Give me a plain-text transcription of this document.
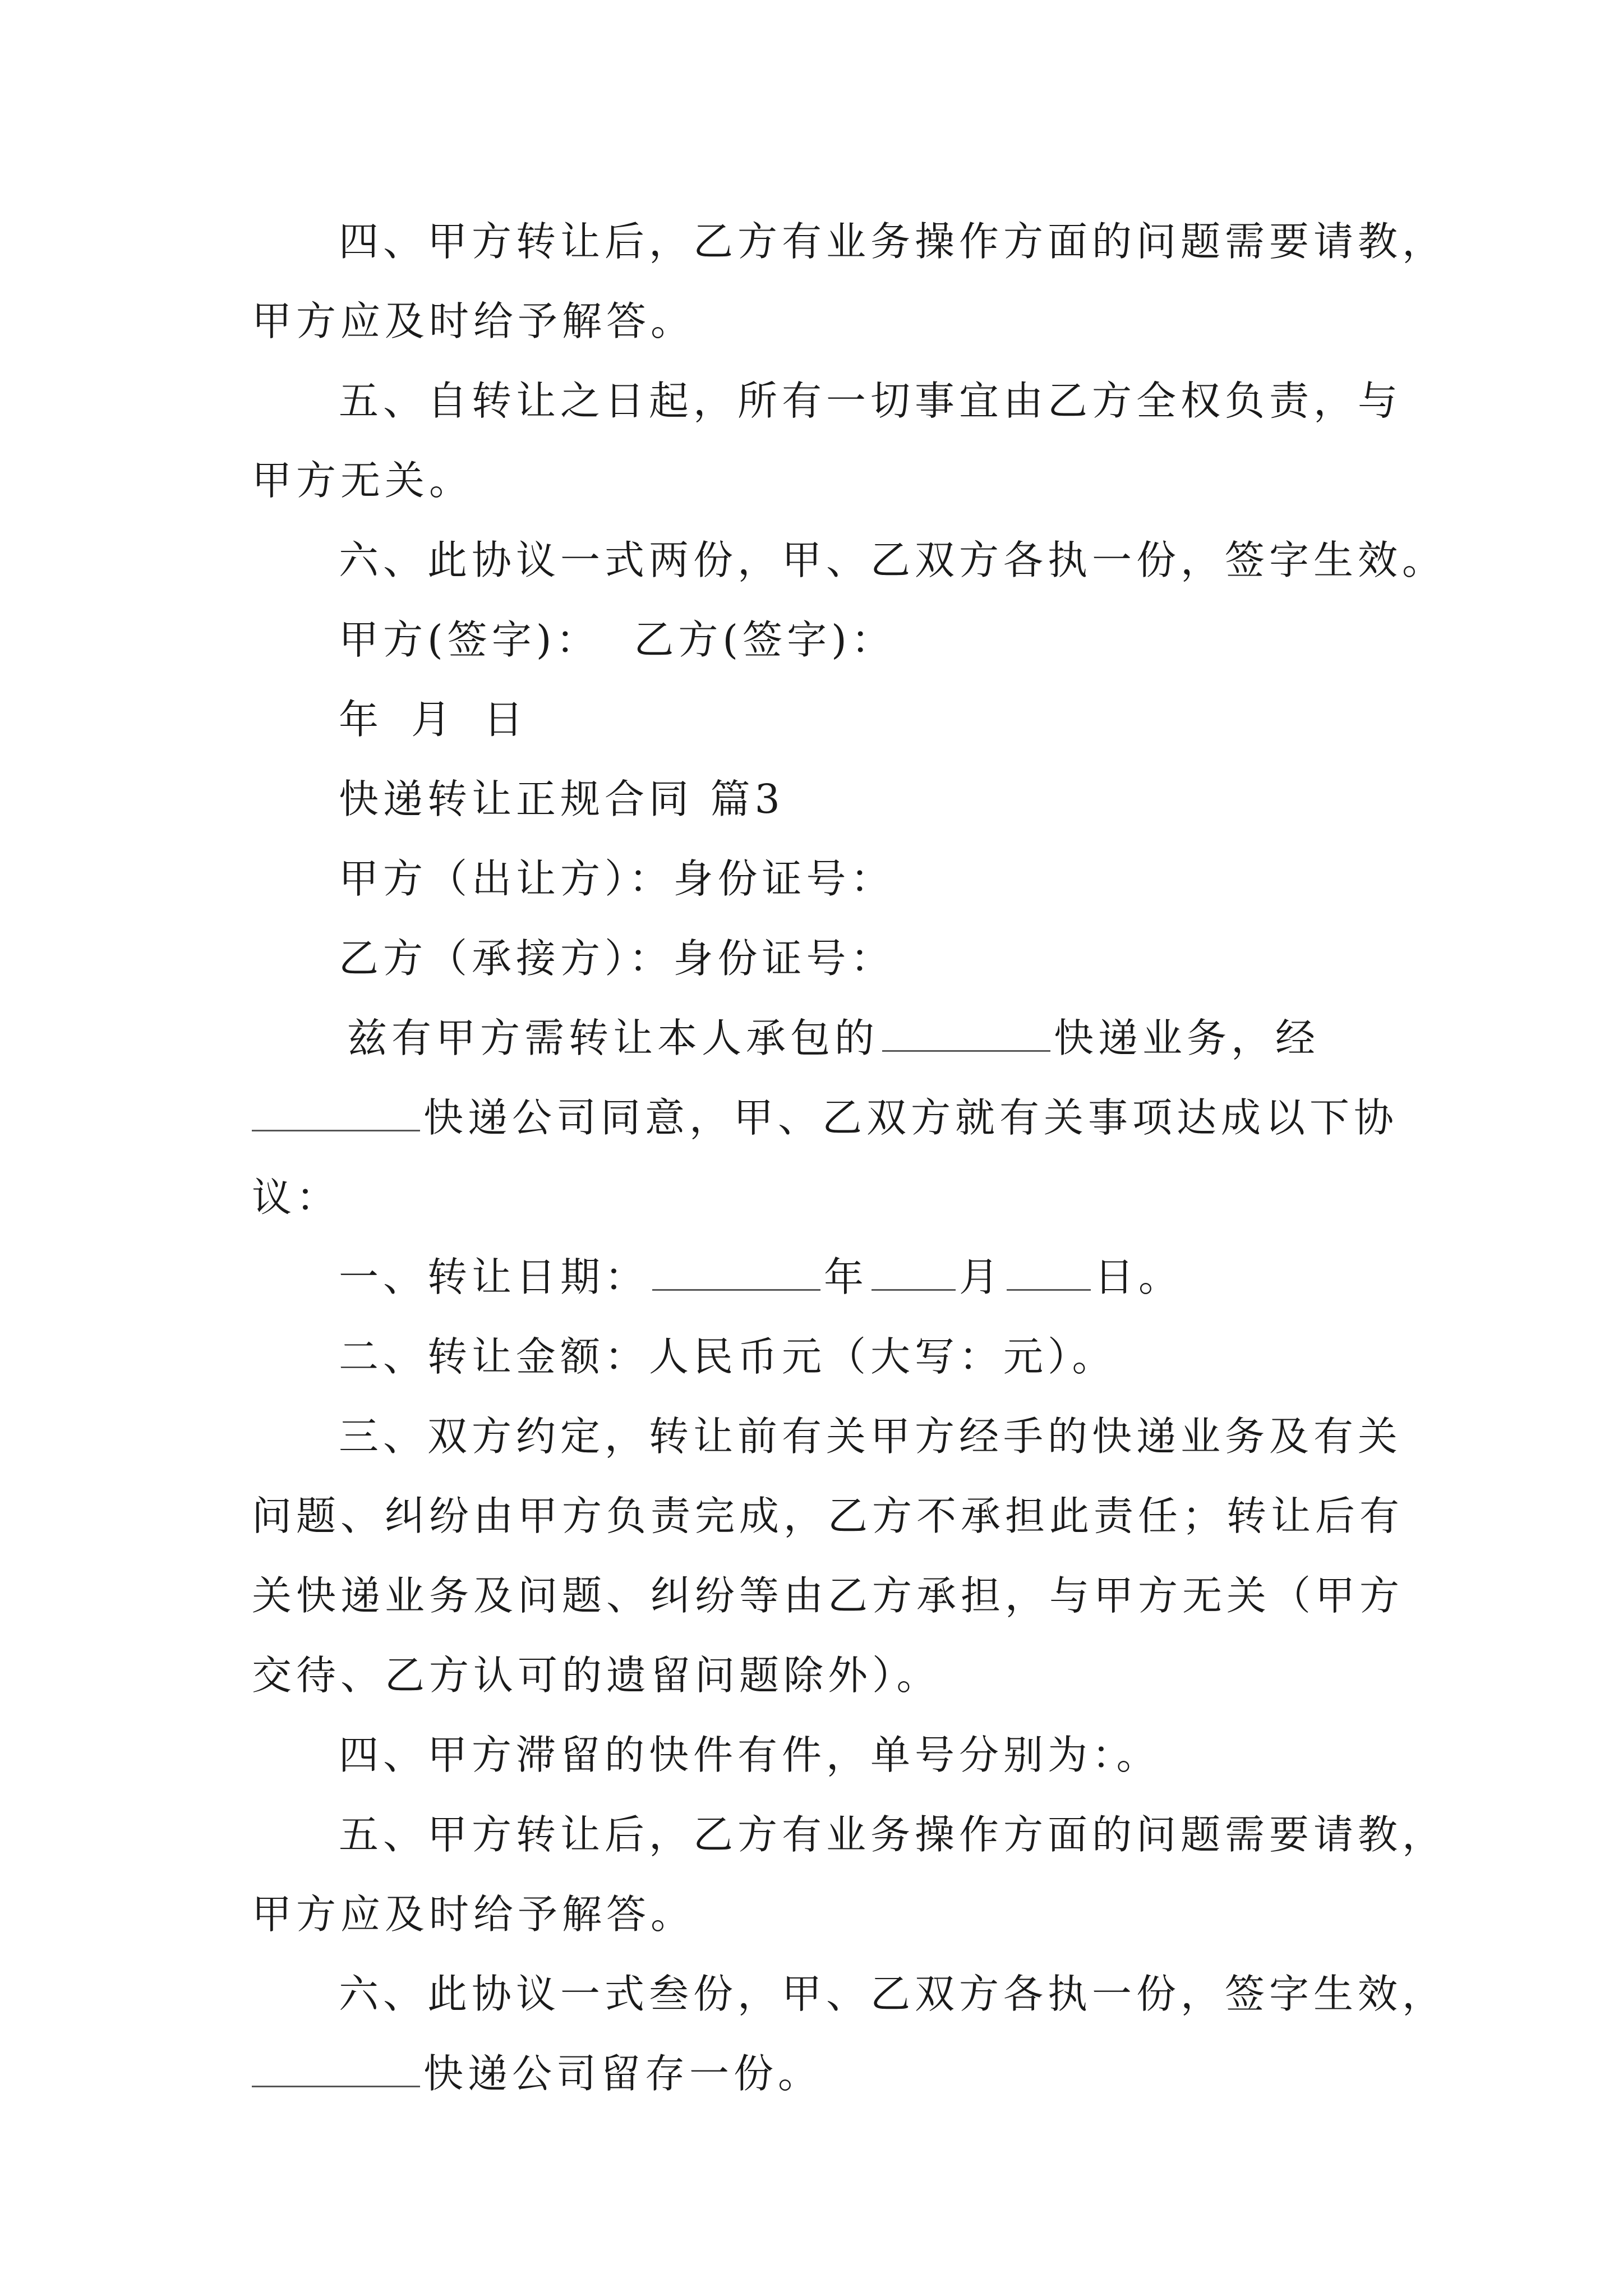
四、甲方转让后，乙方有业务操作方面的问题需要请教，
甲方应及时给予解答。
五、自转让之日起，所有一切事宜由乙方全权负责，与
甲方无关。
六、此协议一式两份，甲、乙双方各执一份，签字生效。
甲方(签字)： 乙方(签字)：
年 月 日
快递转让正规合同 篇3
甲方（出让方）：身份证号：
乙方（承接方）：身份证号：
兹有甲方需转让本人承包的	快递业务，经
快递公司同意，甲、乙双方就有关事项达成以下协
议：
一、转让日期：	年 月 日。
二、转让金额：人民币元（大写：元）。
三、双方约定，转让前有关甲方经手的快递业务及有关
问题、纠纷由甲方负责完成，乙方不承担此责任；转让后有
关快递业务及问题、纠纷等由乙方承担，与甲方无关（甲方
交待、乙方认可的遗留问题除外）。
四、甲方滞留的快件有件，单号分别为：。
五、甲方转让后，乙方有业务操作方面的问题需要请教，
甲方应及时给予解答。
六、此协议一式叁份，甲、乙双方各执一份，签字生效，
快递公司留存一份。
